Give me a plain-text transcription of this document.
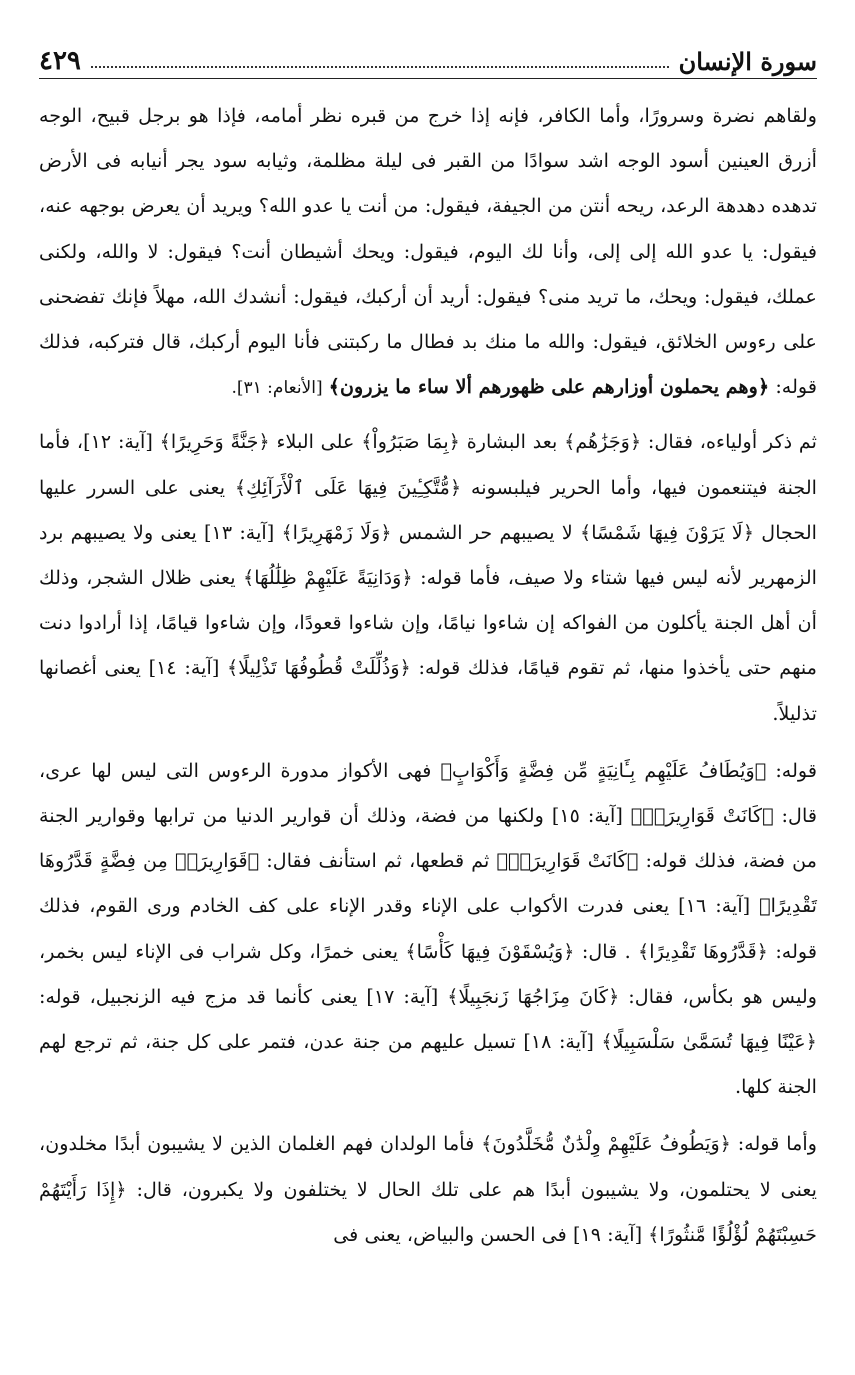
سورة الإنسان
٤٢٩

ولقاهم نضرة وسرورًا، وأما الكافر، فإنه إذا خرج من قبره نظر أمامه، فإذا هو برجل قبيح، الوجه أزرق العينين أسود الوجه اشد سوادًا من القبر فى ليلة مظلمة، وثيابه سود يجر أنيابه فى الأرض تدهده دهدهة الرعد، ريحه أنتن من الجيفة، فيقول: من أنت يا عدو الله؟ ويريد أن يعرض بوجهه عنه، فيقول: يا عدو الله إلى إلى، وأنا لك اليوم، فيقول: ويحك أشيطان أنت؟ فيقول: لا والله، ولكنى عملك، فيقول: ويحك، ما تريد منى؟ فيقول: أريد أن أركبك، فيقول: أنشدك الله، مهلاً فإنك تفضحنى على رءوس الخلائق، فيقول: والله ما منك بد فطال ما ركبتنى فأنا اليوم أركبك، قال فتركبه، فذلك قوله: ﴿وهم يحملون أوزارهم على ظهورهم ألا ساء ما يزرون﴾ [الأنعام: ٣١].

ثم ذكر أولياءه، فقال: ﴿وَجَزَٰهُم﴾ بعد البشارة ﴿بِمَا صَبَرُواْ﴾ على البلاء ﴿جَنَّةً وَحَرِيرًا﴾ [آية: ١٢]، فأما الجنة فيتنعمون فيها، وأما الحرير فيلبسونه ﴿مُّتَّكِـِٔينَ فِيهَا عَلَى ٱلْأَرَآئِكِ﴾ يعنى على السرر عليها الحجال ﴿لَا يَرَوْنَ فِيهَا شَمْسًا﴾ لا يصيبهم حر الشمس ﴿وَلَا زَمْهَرِيرًا﴾ [آية: ١٣] يعنى ولا يصيبهم برد الزمهرير لأنه ليس فيها شتاء ولا صيف، فأما قوله: ﴿وَدَانِيَةً عَلَيْهِمْ ظِلَٰلُهَا﴾ يعنى ظلال الشجر، وذلك أن أهل الجنة يأكلون من الفواكه إن شاءوا نيامًا، وإن شاءوا قعودًا، وإن شاءوا قيامًا، إذا أرادوا دنت منهم حتى يأخذوا منها، ثم تقوم قيامًا، فذلك قوله: ﴿وَذُلِّلَتْ قُطُوفُهَا تَذْلِيلًا﴾ [آية: ١٤] يعنى أغصانها تذليلاً.

قوله: ﴿وَيُطَافُ عَلَيْهِم بِـَٔانِيَةٍ مِّن فِضَّةٍ وَأَكْوَابٍ﴾ فهى الأكواز مدورة الرءوس التى ليس لها عرى، قال: ﴿كَانَتْ قَوَارِيرَا۠﴾ [آية: ١٥] ولكنها من فضة، وذلك أن قوارير الدنيا من ترابها وقوارير الجنة من فضة، فذلك قوله: ﴿كَانَتْ قَوَارِيرَا۠﴾ ثم قطعها، ثم استأنف فقال: ﴿قَوَارِيرَا۟ مِن فِضَّةٍ قَدَّرُوهَا تَقْدِيرًا﴾ [آية: ١٦] يعنى فدرت الأكواب على الإناء وقدر الإناء على كف الخادم ورى القوم، فذلك قوله: ﴿قَدَّرُوهَا تَقْدِيرًا﴾ . قال: ﴿وَيُسْقَوْنَ فِيهَا كَأْسًا﴾ يعنى خمرًا، وكل شراب فى الإناء ليس بخمر، وليس هو بكأس، فقال: ﴿كَانَ مِزَاجُهَا زَنجَبِيلًا﴾ [آية: ١٧] يعنى كأنما قد مزج فيه الزنجبيل، قوله: ﴿عَيْنًا فِيهَا تُسَمَّىٰ سَلْسَبِيلًا﴾ [آية: ١٨] تسيل عليهم من جنة عدن، فتمر على كل جنة، ثم ترجع لهم الجنة كلها.

وأما قوله: ﴿وَيَطُوفُ عَلَيْهِمْ وِلْدَٰنٌ مُّخَلَّدُونَ﴾ فأما الولدان فهم الغلمان الذين لا يشيبون أبدًا مخلدون، يعنى لا يحتلمون، ولا يشيبون أبدًا هم على تلك الحال لا يختلفون ولا يكبرون، قال: ﴿إِذَا رَأَيْتَهُمْ حَسِبْتَهُمْ لُؤْلُؤًا مَّنثُورًا﴾ [آية: ١٩] فى الحسن والبياض، يعنى فى
